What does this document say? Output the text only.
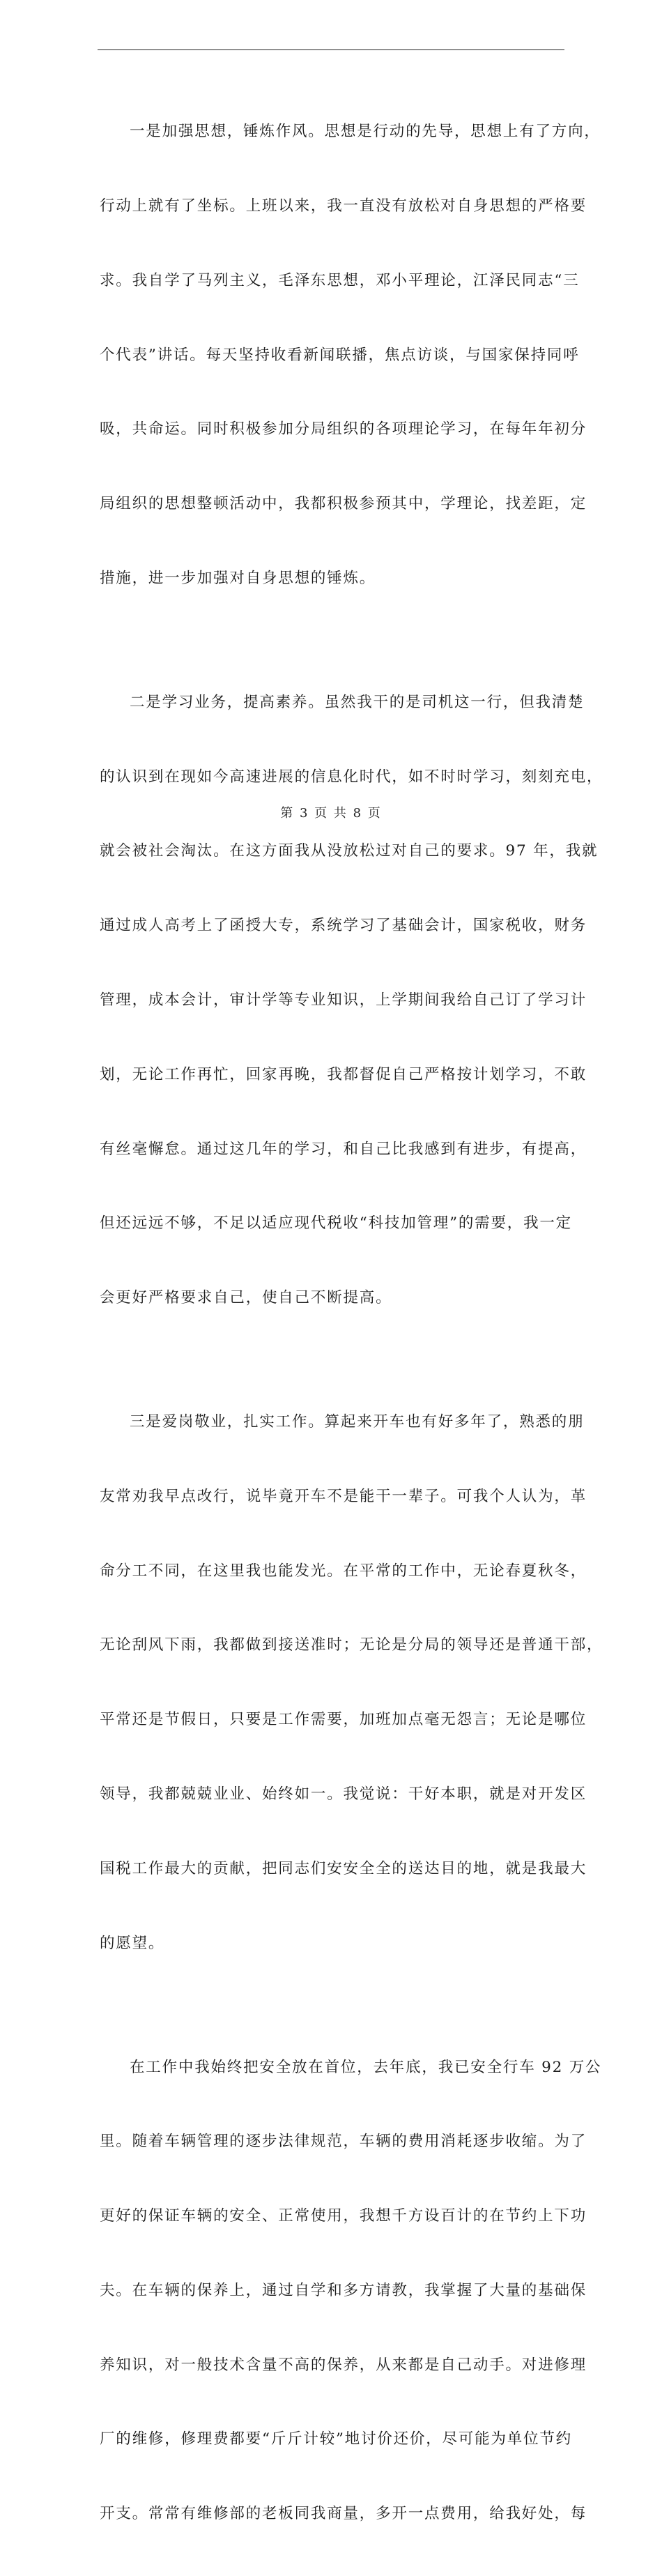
一是加强思想，锤炼作风。思想是行动的先导，思想上有了方向，

行动上就有了坐标。上班以来，我一直没有放松对自身思想的严格要

求。我自学了马列主义，毛泽东思想，邓小平理论，江泽民同志“三

个代表”讲话。每天坚持收看新闻联播，焦点访谈，与国家保持同呼

吸，共命运。同时积极参加分局组织的各项理论学习，在每年年初分

局组织的思想整顿活动中，我都积极参预其中，学理论，找差距，定

措施，进一步加强对自身思想的锤炼。

二是学习业务，提高素养。虽然我干的是司机这一行，但我清楚

的认识到在现如今高速进展的信息化时代，如不时时学习，刻刻充电，

就会被社会淘汰。在这方面我从没放松过对自己的要求。97 年，我就

通过成人高考上了函授大专，系统学习了基础会计，国家税收，财务

管理，成本会计，审计学等专业知识，上学期间我给自己订了学习计

划，无论工作再忙，回家再晚，我都督促自己严格按计划学习，不敢

有丝毫懈怠。通过这几年的学习，和自己比我感到有进步，有提高，

但还远远不够，不足以适应现代税收“科技加管理”的需要，我一定

会更好严格要求自己，使自己不断提高。

三是爱岗敬业，扎实工作。算起来开车也有好多年了，熟悉的朋

友常劝我早点改行，说毕竟开车不是能干一辈子。可我个人认为，革

命分工不同，在这里我也能发光。在平常的工作中，无论春夏秋冬，

无论刮风下雨，我都做到接送准时；无论是分局的领导还是普通干部，

平常还是节假日，只要是工作需要，加班加点毫无怨言；无论是哪位

领导，我都兢兢业业、始终如一。我觉说：干好本职，就是对开发区

国税工作最大的贡献，把同志们安安全全的送达目的地，就是我最大

的愿望。

在工作中我始终把安全放在首位，去年底，我已安全行车 92 万公

里。随着车辆管理的逐步法律规范，车辆的费用消耗逐步收缩。为了

更好的保证车辆的安全、正常使用，我想千方设百计的在节约上下功

夫。在车辆的保养上，通过自学和多方请教，我掌握了大量的基础保

养知识，对一般技术含量不高的保养，从来都是自己动手。对进修理

厂的维修，修理费都要“斤斤计较”地讨价还价，尽可能为单位节约

开支。常常有维修部的老板同我商量，多开一点费用，给我好处，每

第 3 页 共 8 页
